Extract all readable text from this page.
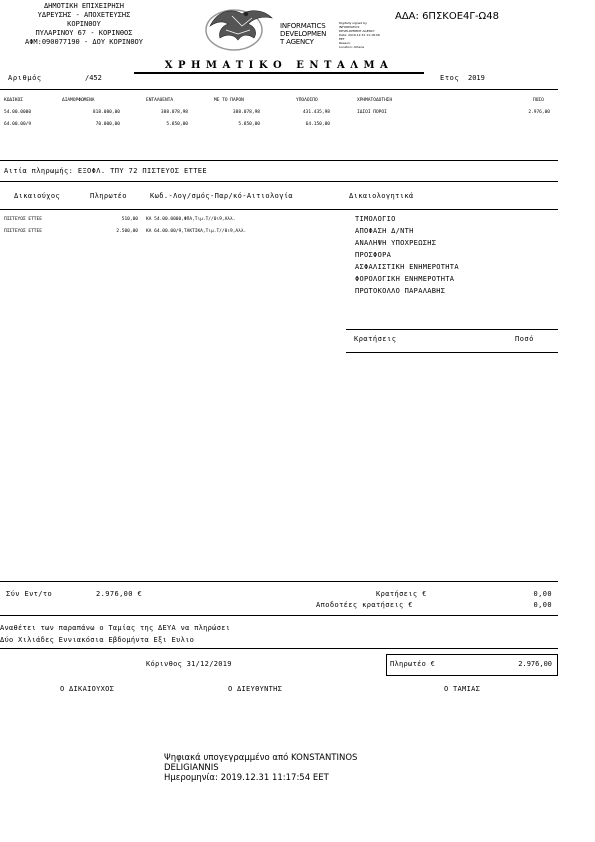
ΔΗΜΟΤΙΚΗ ΕΠΙΧΕΙΡΗΣΗ
ΥΔΡΕΥΣΗΣ - ΑΠΟΧΕΤΕΥΣΗΣ
ΚΟΡΙΝΘΟΥ
ΠΥΛΑΡΙΝΟΥ 67 - ΚΟΡΙΝΘΟΣ
ΑΦΜ:090077190 - ΔΟΥ ΚΟΡΙΝΘΟΥ
INFORMATICS
DEVELOPMEN
T AGENCY
Digitally signed by
INFORMATICS
DEVELOPMENT AGENCY
Date: 2019.12.31 11:18:06
EET
Reason:
Location: Athens
ΑΔΑ: 6ΠΣΚΟΕ4Γ-Ω48
ΧΡΗΜΑΤΙΚΟ ΕΝΤΑΛΜΑ
Αριθμός	/452	Ετος 2019
ΚΩΔΙΚΟΣ	ΔΙΑΜΟΡΦΩΜΕΝΑ	ΕΝΤΑΛΘΕΝΤΑ	ΜΕ ΤΟ ΠΑΡΟΝ	ΥΠΟΛΟΙΠΟ	ΧΡΗΜΑΤΟΔΟΤΗΣΗ	ΠΟΣΟ
54.00.0000	818.080,00	388.078,98	388.078,98	431.435,98	ΙΔΙΟΙ ΠΟΡΟΙ	2.976,00
64.00.00/9	70.000,00	5.850,00	5.850,00	64.150,00
Αιτία πληρωμής: ΕΞΟΦΛ. ΤΠΥ 72 ΠΙΣΤΕΥΟΣ ΕΤΤΕΕ
Δικαιούχος	Πληρωτέο	Κωδ.-Λογ/σμός-Παρ/κό-Αιτιολογία	Δικαιολογητικά
ΠΙΣΤΕΥΟΣ ΕΤΤΕΕ	510,00 ΚΑ 54.00.0000,ΦΠΑ,Τιμ.Τ//0ι9,Αλλ.
ΠΙΣΤΕΥΟΣ ΕΤΤΕΕ	2.500,00 ΚΑ 64.00.00/9,ΤΑΚΤΙΚΑ,Τιμ.Τ//0ι9,Αλλ.
ΤΙΜΟΛΟΓΙΟ
ΑΠΟΦΑΣΗ Δ/ΝΤΗ
ΑΝΑΛΗΨΗ ΥΠΟΧΡΕΩΣΗΣ
ΠΡΟΣΦΟΡΑ
ΑΣΦΑΛΙΣΤΙΚΗ ΕΝΗΜΕΡΟΤΗΤΑ
ΦΟΡΟΛΟΓΙΚΗ ΕΝΗΜΕΡΟΤΗΤΑ
ΠΡΩΤΟΚΟΛΛΟ ΠΑΡΑΛΑΒΗΣ
Κρατήσεις	Ποσό
Σύν Εντ/το	2.976,00 €	Κρατήσεις €	0,00
Αποδοτέες κρατήσεις €	0,00
Αναθέτει των παραπάνω ο Ταμίας της ΔΕΥΑ να πληρώσει
Δύο Χιλιάδες Εννιακόσια Εβδομήντα Εξι Ευλιο
Κόρινθος 31/12/2019	Πληρωτέο €	2.976,00
Ο ΔΙΚΑΙΟΥΧΟΣ	Ο ΔΙΕΥΘΥΝΤΗΣ	Ο ΤΑΜΙΑΣ
Ψηφιακά υπογεγραμμένο από KONSTANTINOS
DELIGIANNIS
Ημερομηνία: 2019.12.31 11:17:54 EET
